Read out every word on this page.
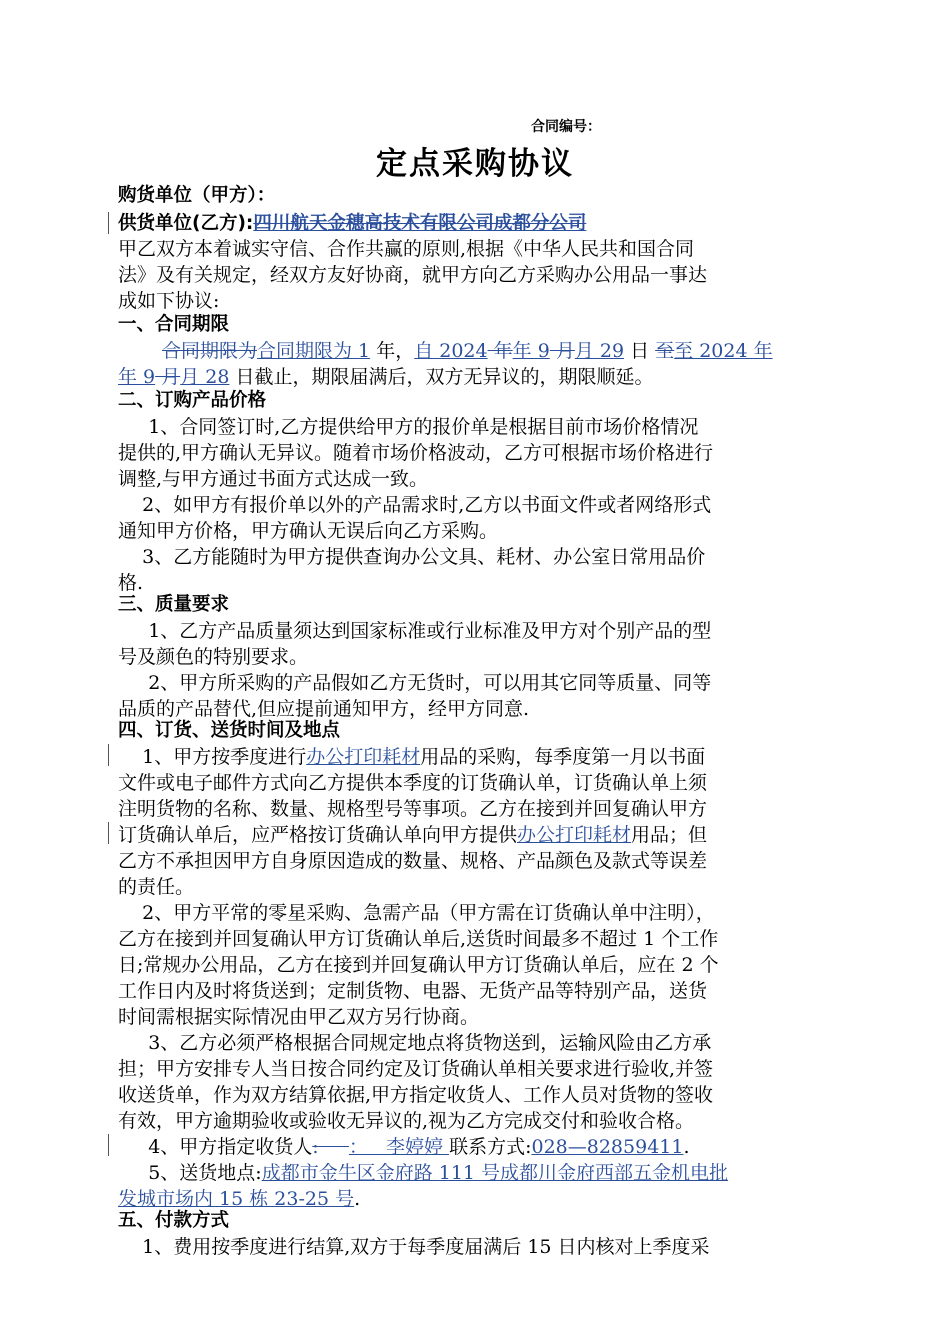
合同编号：
定点采购协议
购货单位（甲方）：
供货单位(乙方):四川航天金穗高技术有限公司成都分公司
甲乙双方本着诚实守信、合作共赢的原则,根据《中华人民共和国合同
法》及有关规定，经双方友好协商，就甲方向乙方采购办公用品一事达
成如下协议:
一、合同期限
合同期限为合同期限为 1 年，自 2024 年年 9 月月 29 日 至至 2024 年
年 9 月月 28 日截止，期限届满后，双方无异议的，期限顺延。
二、订购产品价格
1、合同签订时,乙方提供给甲方的报价单是根据目前市场价格情况
提供的,甲方确认无异议。随着市场价格波动，乙方可根据市场价格进行
调整,与甲方通过书面方式达成一致。
2、如甲方有报价单以外的产品需求时,乙方以书面文件或者网络形式
通知甲方价格，甲方确认无误后向乙方采购。
3、乙方能随时为甲方提供查询办公文具、耗材、办公室日常用品价
格.
三、质量要求
1、乙方产品质量须达到国家标准或行业标准及甲方对个别产品的型
号及颜色的特别要求。
2、甲方所采购的产品假如乙方无货时，可以用其它同等质量、同等
品质的产品替代,但应提前通知甲方，经甲方同意.
四、订货、送货时间及地点
1、甲方按季度进行办公打印耗材用品的采购，每季度第一月以书面
文件或电子邮件方式向乙方提供本季度的订货确认单，订货确认单上须
注明货物的名称、数量、规格型号等事项。乙方在接到并回复确认甲方
订货确认单后，应严格按订货确认单向甲方提供办公打印耗材用品；但
乙方不承担因甲方自身原因造成的数量、规格、产品颜色及款式等误差
的责任。
2、甲方平常的零星采购、急需产品（甲方需在订货确认单中注明），
乙方在接到并回复确认甲方订货确认单后,送货时间最多不超过 1 个工作
日;常规办公用品，乙方在接到并回复确认甲方订货确认单后，应在 2 个
工作日内及时将货送到；定制货物、电器、无货产品等特别产品，送货
时间需根据实际情况由甲乙双方另行协商。
3、乙方必须严格根据合同规定地点将货物送到，运输风险由乙方承
担；甲方安排专人当日按合同约定及订货确认单相关要求进行验收,并签
收送货单，作为双方结算依据,甲方指定收货人、工作人员对货物的签收
有效，甲方逾期验收或验收无异议的,视为乙方完成交付和验收合格。
4、甲方指定收货人: ：   李婷婷 联系方式:028—82859411.
5、送货地点:成都市金牛区金府路 111 号成都川金府西部五金机电批
发城市场内 15 栋 23-25 号.
五、付款方式
1、费用按季度进行结算,双方于每季度届满后 15 日内核对上季度采
